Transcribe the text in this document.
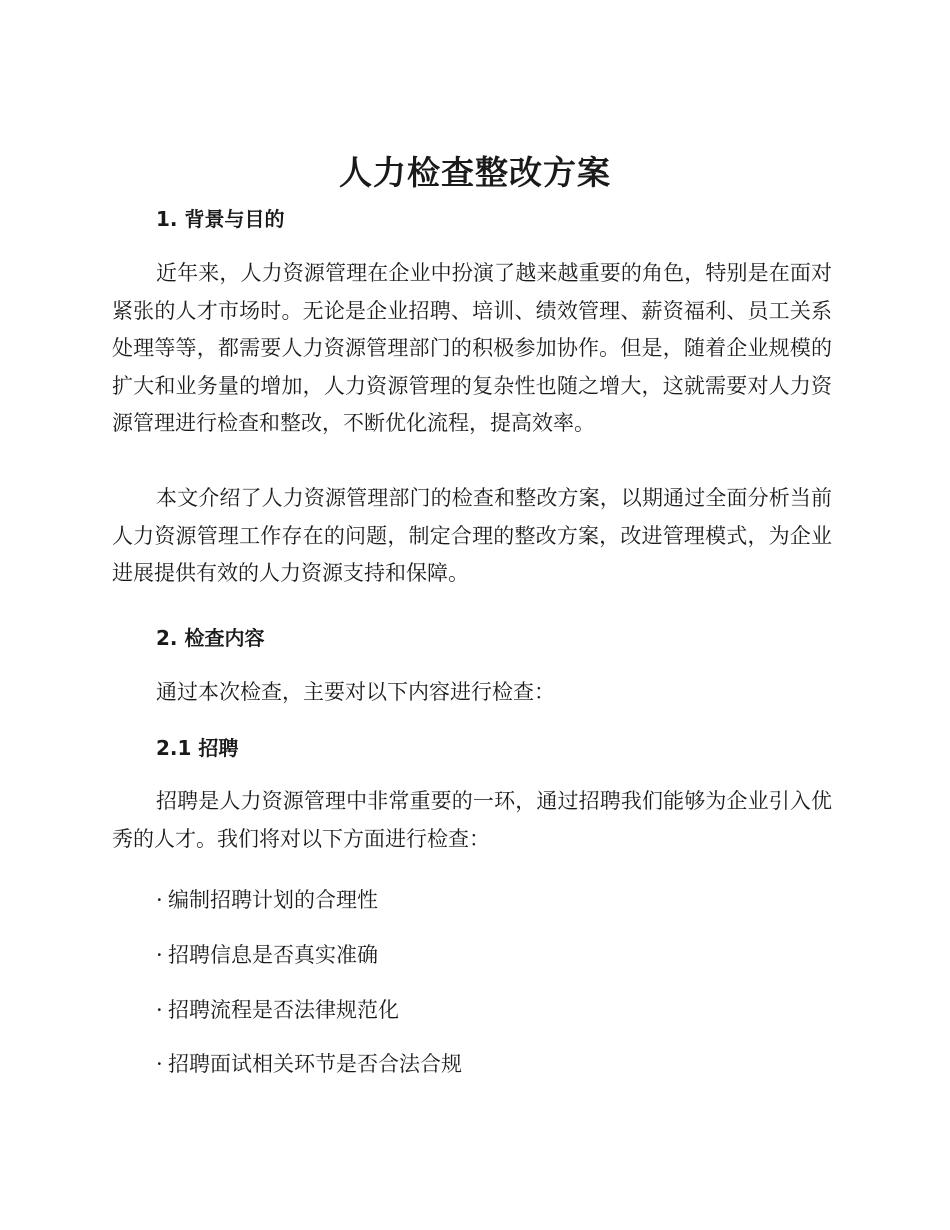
人力检查整改方案
1. 背景与目的

近年来，人力资源管理在企业中扮演了越来越重要的角色，特别是在面对紧张的人才市场时。无论是企业招聘、培训、绩效管理、薪资福利、员工关系处理等等，都需要人力资源管理部门的积极参加协作。但是，随着企业规模的扩大和业务量的增加，人力资源管理的复杂性也随之增大，这就需要对人力资源管理进行检查和整改，不断优化流程，提高效率。

本文介绍了人力资源管理部门的检查和整改方案，以期通过全面分析当前人力资源管理工作存在的问题，制定合理的整改方案，改进管理模式，为企业进展提供有效的人力资源支持和保障。

2. 检查内容

通过本次检查，主要对以下内容进行检查：

2.1 招聘

招聘是人力资源管理中非常重要的一环，通过招聘我们能够为企业引入优秀的人才。我们将对以下方面进行检查：

· 编制招聘计划的合理性

· 招聘信息是否真实准确

· 招聘流程是否法律规范化

· 招聘面试相关环节是否合法合规
